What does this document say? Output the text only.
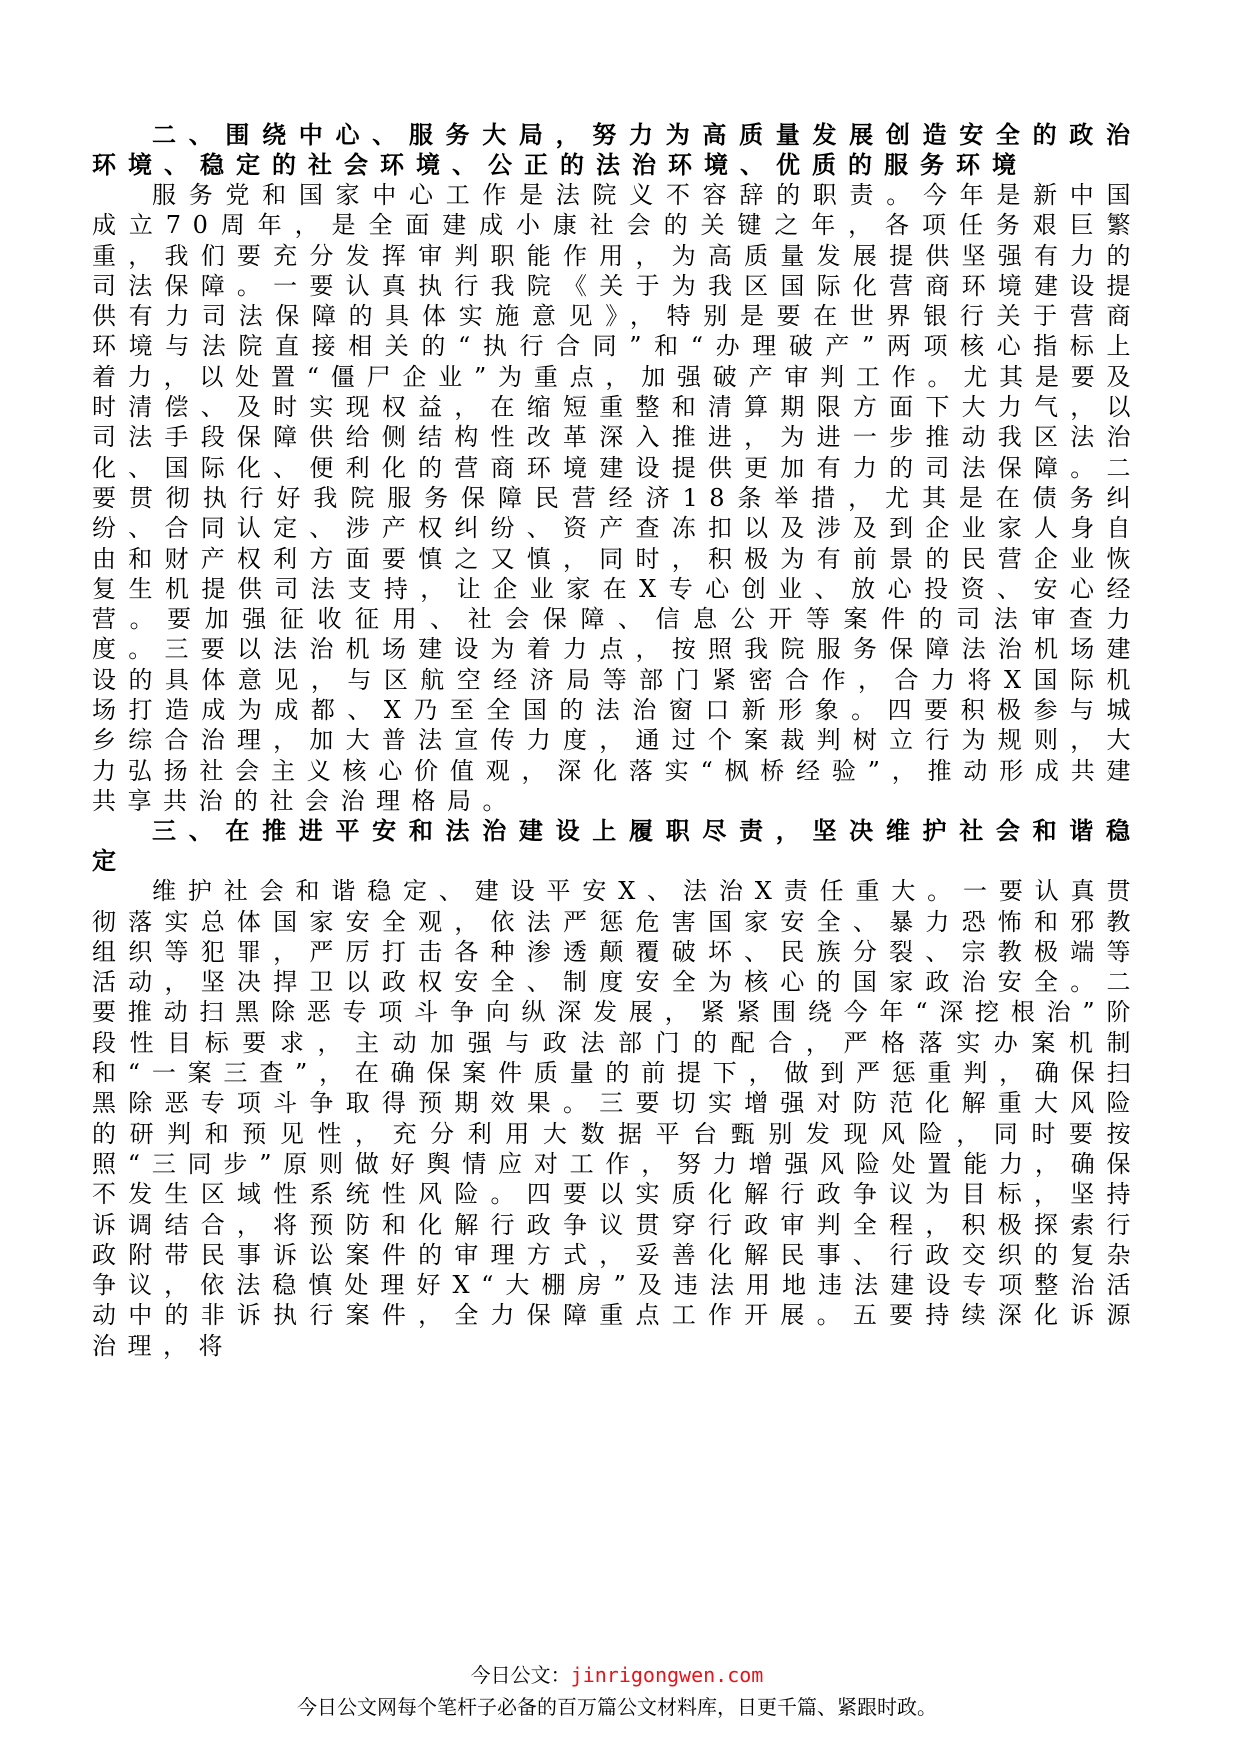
二、围绕中心、服务大局，努力为高质量发展创造安全的政治环境、稳定的社会环境、公正的法治环境、优质的服务环境

服务党和国家中心工作是法院义不容辞的职责。今年是新中国成立70周年，是全面建成小康社会的关键之年，各项任务艰巨繁重，我们要充分发挥审判职能作用，为高质量发展提供坚强有力的司法保障。一要认真执行我院《关于为我区国际化营商环境建设提供有力司法保障的具体实施意见》，特别是要在世界银行关于营商环境与法院直接相关的“执行合同”和“办理破产”两项核心指标上着力，以处置“僵尸企业”为重点，加强破产审判工作。尤其是要及时清偿、及时实现权益，在缩短重整和清算期限方面下大力气，以司法手段保障供给侧结构性改革深入推进，为进一步推动我区法治化、国际化、便利化的营商环境建设提供更加有力的司法保障。二要贯彻执行好我院服务保障民营经济18条举措，尤其是在债务纠纷、合同认定、涉产权纠纷、资产查冻扣以及涉及到企业家人身自由和财产权利方面要慎之又慎，同时，积极为有前景的民营企业恢复生机提供司法支持，让企业家在X专心创业、放心投资、安心经营。要加强征收征用、社会保障、信息公开等案件的司法审查力度。三要以法治机场建设为着力点，按照我院服务保障法治机场建设的具体意见，与区航空经济局等部门紧密合作，合力将X国际机场打造成为成都、X乃至全国的法治窗口新形象。四要积极参与城乡综合治理，加大普法宣传力度，通过个案裁判树立行为规则，大力弘扬社会主义核心价值观，深化落实“枫桥经验”，推动形成共建共享共治的社会治理格局。

三、在推进平安和法治建设上履职尽责，坚决维护社会和谐稳定

维护社会和谐稳定、建设平安X、法治X责任重大。一要认真贯彻落实总体国家安全观，依法严惩危害国家安全、暴力恐怖和邪教组织等犯罪，严厉打击各种渗透颠覆破坏、民族分裂、宗教极端等活动，坚决捍卫以政权安全、制度安全为核心的国家政治安全。二要推动扫黑除恶专项斗争向纵深发展，紧紧围绕今年“深挖根治”阶段性目标要求，主动加强与政法部门的配合，严格落实办案机制和“一案三查”，在确保案件质量的前提下，做到严惩重判，确保扫黑除恶专项斗争取得预期效果。三要切实增强对防范化解重大风险的研判和预见性，充分利用大数据平台甄别发现风险，同时要按照“三同步”原则做好舆情应对工作，努力增强风险处置能力，确保不发生区域性系统性风险。四要以实质化解行政争议为目标，坚持诉调结合，将预防和化解行政争议贯穿行政审判全程，积极探索行政附带民事诉讼案件的审理方式，妥善化解民事、行政交织的复杂争议，依法稳慎处理好X“大棚房”及违法用地违法建设专项整治活动中的非诉执行案件，全力保障重点工作开展。五要持续深化诉源治理，将

今日公文：jinrigongwen.com
今日公文网每个笔杆子必备的百万篇公文材料库，日更千篇、紧跟时政。
